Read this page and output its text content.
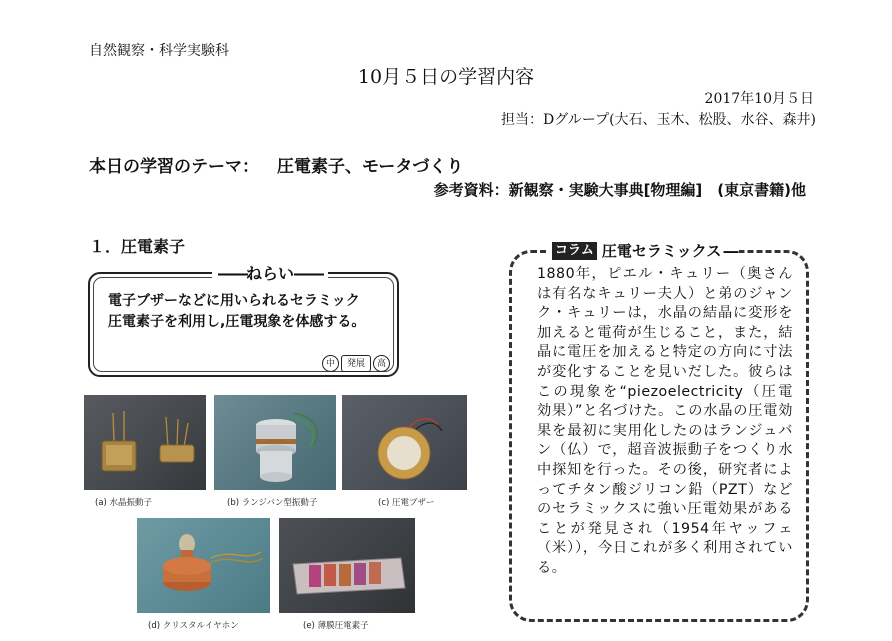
自然観察・科学実験科
10月５日の学習内容
2017年10月５日
担当：Dグループ(大石、玉木、松股、水谷、森井)
本日の学習のテーマ： 圧電素子、モータづくり
参考資料：新観察・実験大事典[物理編]　(東京書籍)他
１．圧電素子
――ねらい――
電子ブザーなどに用いられるセラミック
圧電素子を利用し,圧電現象を体感する。
中	発展	高
(a) 水晶振動子	(b) ランジバン型振動子	(c) 圧電ブザー
(d) クリスタルイヤホン	(e) 薄膜圧電素子
コラム 圧電セラミックス ―
1880年，ピエル・キュリー（奥さんは有名なキュリー夫人）と弟のジャンク・キュリーは，水晶の結晶に変形を加えると電荷が生じること，また，結晶に電圧を加えると特定の方向に寸法が変化することを見いだした。彼らはこの現象を“piezoelectricity（圧電効果）”と名づけた。この水晶の圧電効果を最初に実用化したのはランジュバン（仏）で，超音波振動子をつくり水中探知を行った。その後，研究者によってチタン酸ジリコン鉛（PZT）などのセラミックスに強い圧電効果があることが発見され（1954年ヤッフェ（米）），今日これが多く利用されている。
